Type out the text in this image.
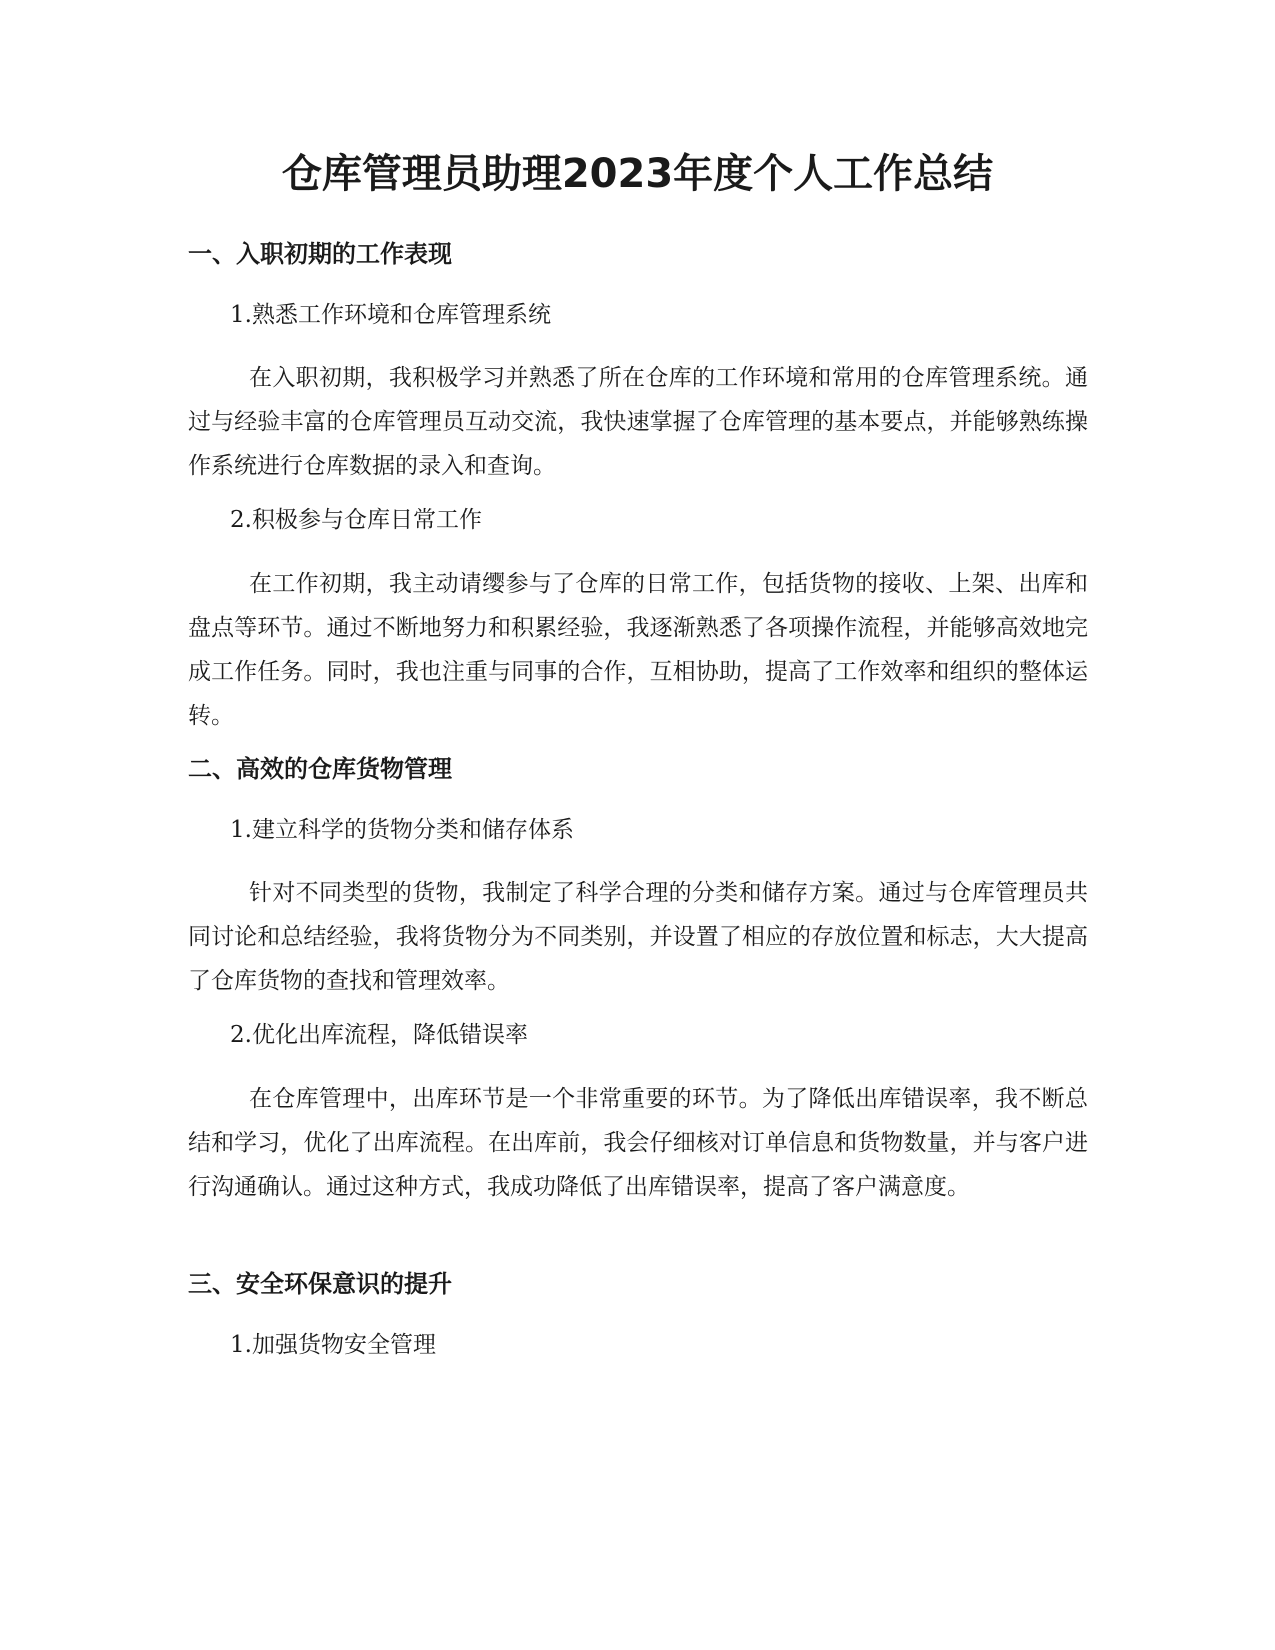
仓库管理员助理2023年度个人工作总结
一、入职初期的工作表现

1.熟悉工作环境和仓库管理系统

在入职初期，我积极学习并熟悉了所在仓库的工作环境和常用的仓库管理系统。通过与经验丰富的仓库管理员互动交流，我快速掌握了仓库管理的基本要点，并能够熟练操作系统进行仓库数据的录入和查询。

2.积极参与仓库日常工作

在工作初期，我主动请缨参与了仓库的日常工作，包括货物的接收、上架、出库和盘点等环节。通过不断地努力和积累经验，我逐渐熟悉了各项操作流程，并能够高效地完成工作任务。同时，我也注重与同事的合作，互相协助，提高了工作效率和组织的整体运转。

二、高效的仓库货物管理

1.建立科学的货物分类和储存体系

针对不同类型的货物，我制定了科学合理的分类和储存方案。通过与仓库管理员共同讨论和总结经验，我将货物分为不同类别，并设置了相应的存放位置和标志，大大提高了仓库货物的查找和管理效率。

2.优化出库流程，降低错误率

在仓库管理中，出库环节是一个非常重要的环节。为了降低出库错误率，我不断总结和学习，优化了出库流程。在出库前，我会仔细核对订单信息和货物数量，并与客户进行沟通确认。通过这种方式，我成功降低了出库错误率，提高了客户满意度。

三、安全环保意识的提升

1.加强货物安全管理
